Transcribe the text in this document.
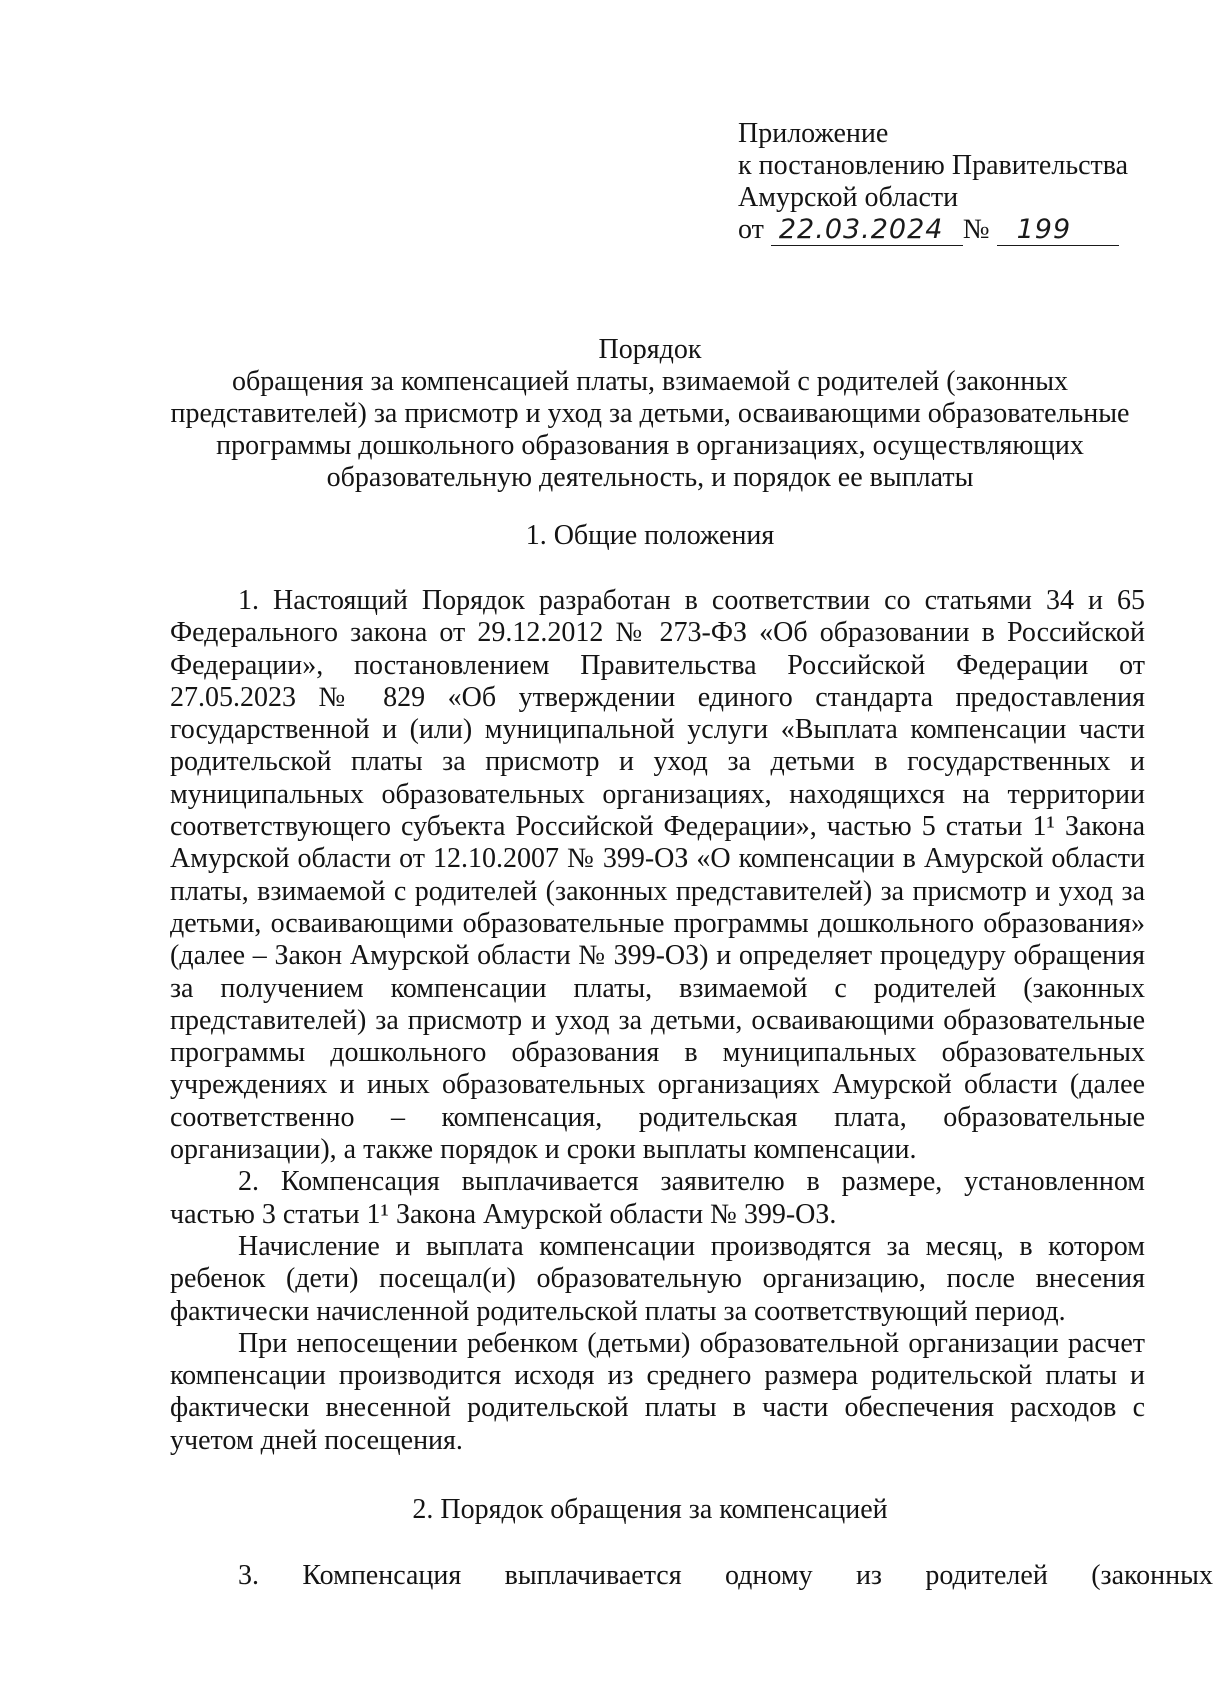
Приложение
к постановлению Правительства
Амурской области
от 22.03.2024 № 199
Порядок
обращения за компенсацией платы, взимаемой с родителей (законных
представителей) за присмотр и уход за детьми, осваивающими образовательные
программы дошкольного образования в организациях, осуществляющих
образовательную деятельность, и порядок ее выплаты
1. Общие положения

1. Настоящий Порядок разработан в соответствии со статьями 34 и 65 Федерального закона от 29.12.2012 № 273-ФЗ «Об образовании в Российской Федерации», постановлением Правительства Российской Федерации от 27.05.2023 № 829 «Об утверждении единого стандарта предоставления государственной и (или) муниципальной услуги «Выплата компенсации части родительской платы за присмотр и уход за детьми в государственных и муниципальных образовательных организациях, находящихся на территории соответствующего субъекта Российской Федерации», частью 5 статьи 1¹ Закона Амурской области от 12.10.2007 № 399-ОЗ «О компенсации в Амурской области платы, взимаемой с родителей (законных представителей) за присмотр и уход за детьми, осваивающими образовательные программы дошкольного образования» (далее – Закон Амурской области № 399-ОЗ) и определяет процедуру обращения за получением компенсации платы, взимаемой с родителей (законных представителей) за присмотр и уход за детьми, осваивающими образовательные программы дошкольного образования в муниципальных образовательных учреждениях и иных образовательных организациях Амурской области (далее соответственно – компенсация, родительская плата, образовательные организации), а также порядок и сроки выплаты компенсации.

2. Компенсация выплачивается заявителю в размере, установленном частью 3 статьи 1¹ Закона Амурской области № 399-ОЗ.

Начисление и выплата компенсации производятся за месяц, в котором ребенок (дети) посещал(и) образовательную организацию, после внесения фактически начисленной родительской платы за соответствующий период.

При непосещении ребенком (детьми) образовательной организации расчет компенсации производится исходя из среднего размера родительской платы и фактически внесенной родительской платы в части обеспечения расходов с учетом дней посещения.

2. Порядок обращения за компенсацией
3. Компенсация выплачивается одному из родителей (законных
